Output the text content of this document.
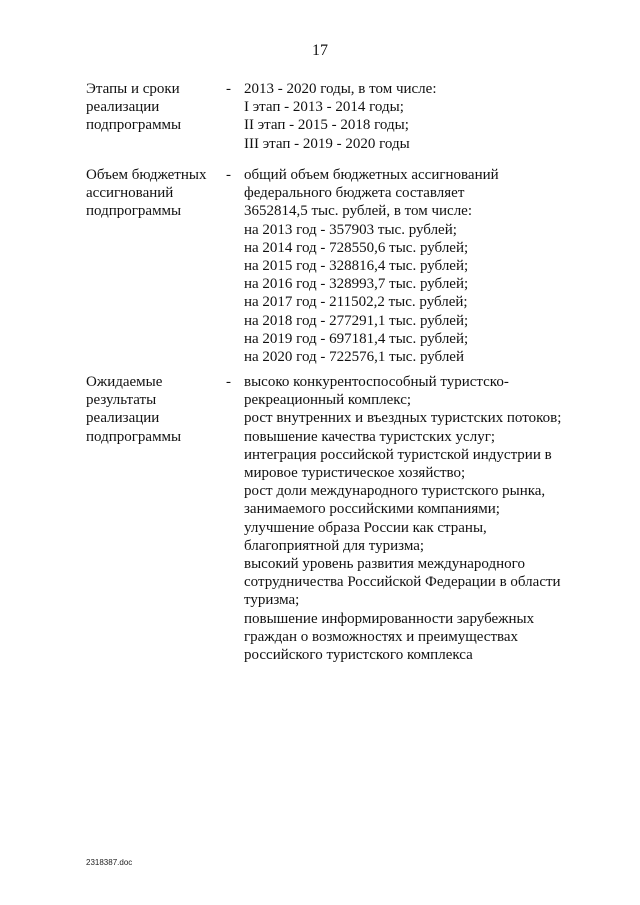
17
Этапы и сроки
реализации
подпрограммы
- 2013 - 2020 годы, в том числе:
I этап - 2013 - 2014 годы;
II этап - 2015 - 2018 годы;
III этап - 2019 - 2020 годы
Объем бюджетных
ассигнований
подпрограммы
- общий объем бюджетных ассигнований
федерального бюджета составляет
3652814,5 тыс. рублей, в том числе:
на 2013 год - 357903 тыс. рублей;
на 2014 год - 728550,6 тыс. рублей;
на 2015 год - 328816,4 тыс. рублей;
на 2016 год - 328993,7 тыс. рублей;
на 2017 год - 211502,2 тыс. рублей;
на 2018 год - 277291,1 тыс. рублей;
на 2019 год - 697181,4 тыс. рублей;
на 2020 год - 722576,1 тыс. рублей
Ожидаемые
результаты
реализации
подпрограммы
- высоко конкурентоспособный туристско-
рекреационный комплекс;
рост внутренних и въездных туристских потоков;
повышение качества туристских услуг;
интеграция российской туристской индустрии в
мировое туристическое хозяйство;
рост доли международного туристского рынка,
занимаемого российскими компаниями;
улучшение образа России как страны,
благоприятной для туризма;
высокий уровень развития международного
сотрудничества Российской Федерации в области
туризма;
повышение информированности зарубежных
граждан о возможностях и преимуществах
российского туристского комплекса
2318387.doc
